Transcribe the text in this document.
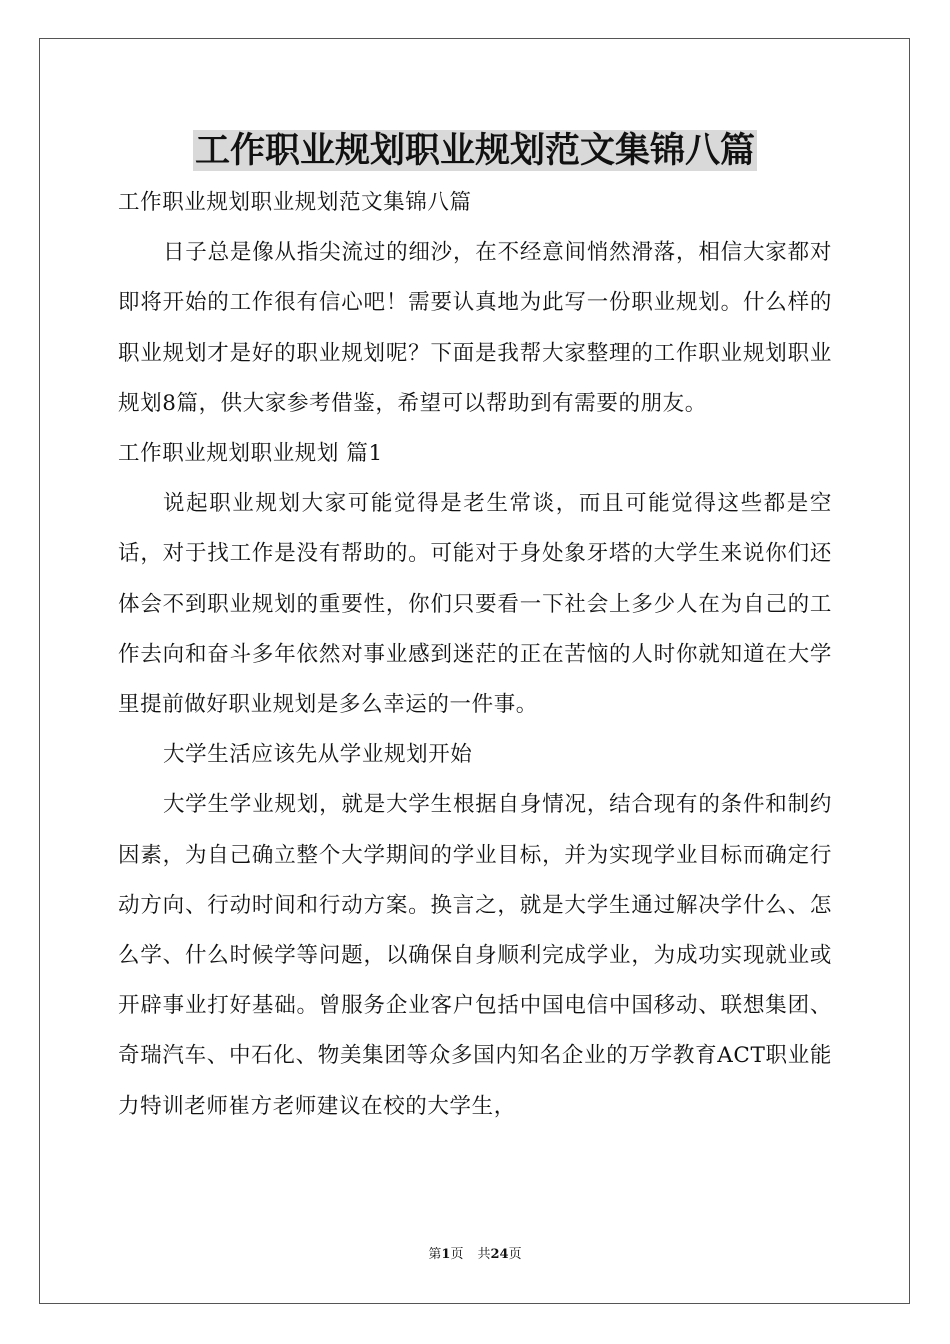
工作职业规划职业规划范文集锦八篇

工作职业规划职业规划范文集锦八篇

日子总是像从指尖流过的细沙，在不经意间悄然滑落，相信大家都对即将开始的工作很有信心吧！需要认真地为此写一份职业规划。什么样的职业规划才是好的职业规划呢？下面是我帮大家整理的工作职业规划职业规划8篇，供大家参考借鉴，希望可以帮助到有需要的朋友。

工作职业规划职业规划 篇1

说起职业规划大家可能觉得是老生常谈，而且可能觉得这些都是空话，对于找工作是没有帮助的。可能对于身处象牙塔的大学生来说你们还体会不到职业规划的重要性，你们只要看一下社会上多少人在为自己的工作去向和奋斗多年依然对事业感到迷茫的正在苦恼的人时你就知道在大学里提前做好职业规划是多么幸运的一件事。

大学生活应该先从学业规划开始

大学生学业规划，就是大学生根据自身情况，结合现有的条件和制约因素，为自己确立整个大学期间的学业目标，并为实现学业目标而确定行动方向、行动时间和行动方案。换言之，就是大学生通过解决学什么、怎么学、什么时候学等问题，以确保自身顺利完成学业，为成功实现就业或开辟事业打好基础。曾服务企业客户包括中国电信中国移动、联想集团、奇瑞汽车、中石化、物美集团等众多国内知名企业的万学教育ACT职业能力特训老师崔方老师建议在校的大学生，

第1页 共24页
